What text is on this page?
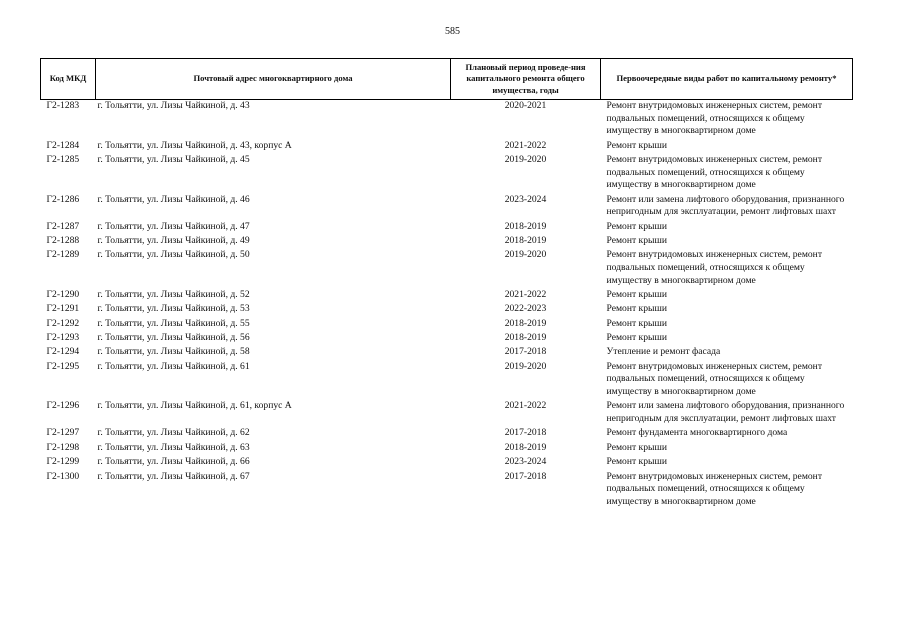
585
Код МКД	Почтовый адрес многоквартирного дома	Плановый период проведе-ния капитального ремонта общего имущества, годы	Первоочередные виды работ по капитальному ремонту*
Г2-1283	г. Тольятти, ул. Лизы Чайкиной, д. 43	2020-2021	Ремонт внутридомовых инженерных систем, ремонт подвальных помещений, относящихся к общему имуществу в многоквартирном доме
Г2-1284	г. Тольятти, ул. Лизы Чайкиной, д. 43, корпус А	2021-2022	Ремонт крыши
Г2-1285	г. Тольятти, ул. Лизы Чайкиной, д. 45	2019-2020	Ремонт внутридомовых инженерных систем, ремонт подвальных помещений, относящихся к общему имуществу в многоквартирном доме
Г2-1286	г. Тольятти, ул. Лизы Чайкиной, д. 46	2023-2024	Ремонт или замена лифтового оборудования, признанного непригодным для эксплуатации, ремонт лифтовых шахт
Г2-1287	г. Тольятти, ул. Лизы Чайкиной, д. 47	2018-2019	Ремонт крыши
Г2-1288	г. Тольятти, ул. Лизы Чайкиной, д. 49	2018-2019	Ремонт крыши
Г2-1289	г. Тольятти, ул. Лизы Чайкиной, д. 50	2019-2020	Ремонт внутридомовых инженерных систем, ремонт подвальных помещений, относящихся к общему имуществу в многоквартирном доме
Г2-1290	г. Тольятти, ул. Лизы Чайкиной, д. 52	2021-2022	Ремонт крыши
Г2-1291	г. Тольятти, ул. Лизы Чайкиной, д. 53	2022-2023	Ремонт крыши
Г2-1292	г. Тольятти, ул. Лизы Чайкиной, д. 55	2018-2019	Ремонт крыши
Г2-1293	г. Тольятти, ул. Лизы Чайкиной, д. 56	2018-2019	Ремонт крыши
Г2-1294	г. Тольятти, ул. Лизы Чайкиной, д. 58	2017-2018	Утепление и ремонт фасада
Г2-1295	г. Тольятти, ул. Лизы Чайкиной, д. 61	2019-2020	Ремонт внутридомовых инженерных систем, ремонт подвальных помещений, относящихся к общему имуществу в многоквартирном доме
Г2-1296	г. Тольятти, ул. Лизы Чайкиной, д. 61, корпус А	2021-2022	Ремонт или замена лифтового оборудования, признанного непригодным для эксплуатации, ремонт лифтовых шахт
Г2-1297	г. Тольятти, ул. Лизы Чайкиной, д. 62	2017-2018	Ремонт фундамента многоквартирного дома
Г2-1298	г. Тольятти, ул. Лизы Чайкиной, д. 63	2018-2019	Ремонт крыши
Г2-1299	г. Тольятти, ул. Лизы Чайкиной, д. 66	2023-2024	Ремонт крыши
Г2-1300	г. Тольятти, ул. Лизы Чайкиной, д. 67	2017-2018	Ремонт внутридомовых инженерных систем, ремонт подвальных помещений, относящихся к общему имуществу в многоквартирном доме
